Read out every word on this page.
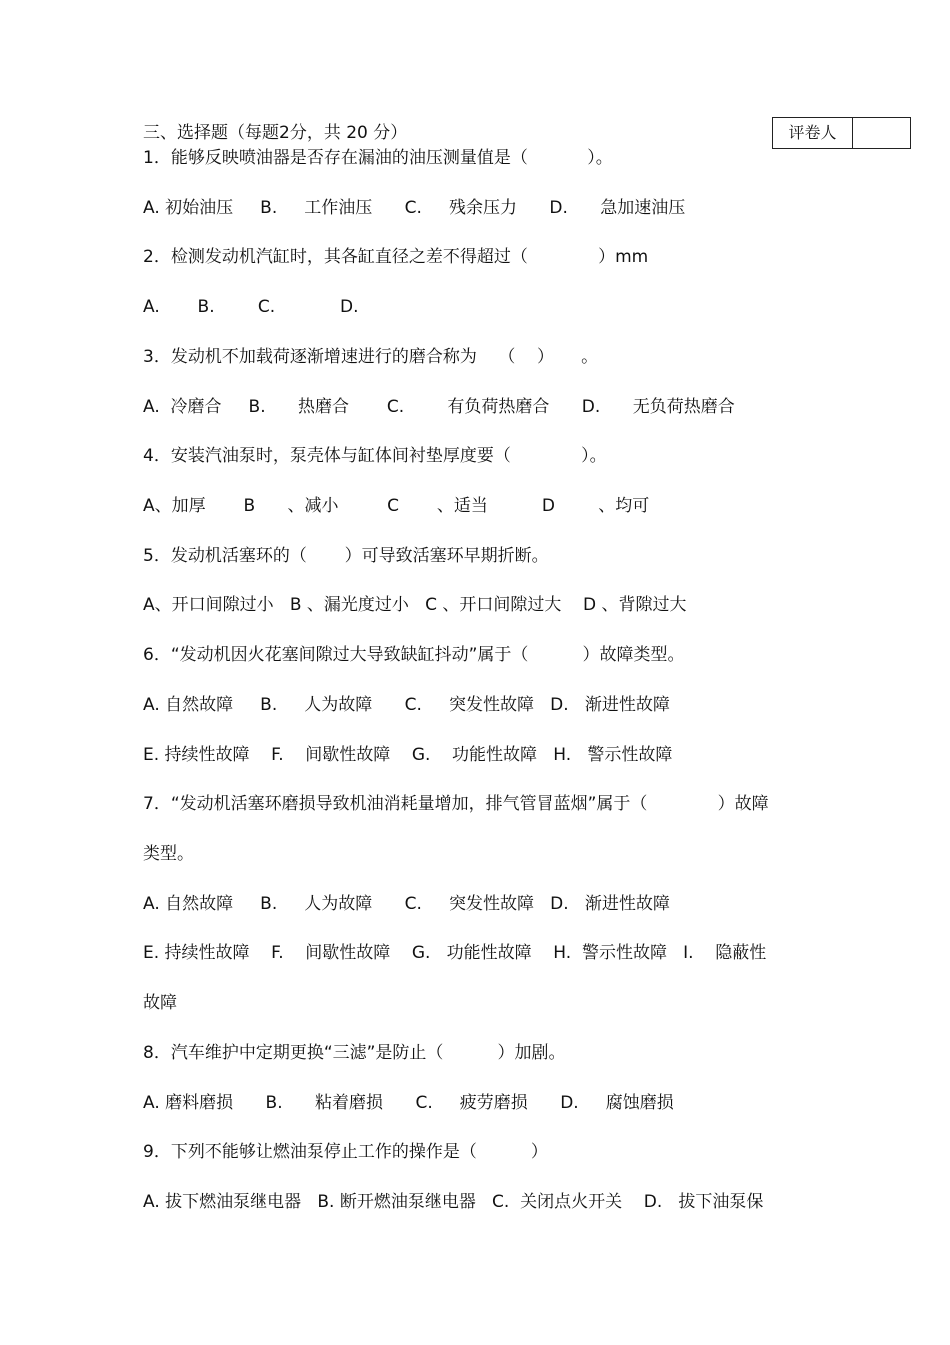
评卷人
三、选择题（每题2分，共 20 分）
1．能够反映喷油器是否存在漏油的油压测量值是（           ）。
A. 初始油压     B.     工作油压      C.     残余压力      D.      急加速油压
2．检测发动机汽缸时，其各缸直径之差不得超过（             ）mm
A.       B.        C.            D.
3．发动机不加载荷逐渐增速进行的磨合称为    （    ）     。
A.  冷磨合     B.      热磨合       C.        有负荷热磨合      D.      无负荷热磨合
4．安装汽油泵时，泵壳体与缸体间衬垫厚度要（             ）。
A、加厚       B      、减小         C       、适当          D        、均可
5．发动机活塞环的（       ）可导致活塞环早期折断。
A、开口间隙过小   B 、漏光度过小   C 、开口间隙过大    D 、背隙过大
6．“发动机因火花塞间隙过大导致缺缸抖动”属于（          ）故障类型。
A. 自然故障     B.     人为故障      C.     突发性故障   D.   渐进性故障
E. 持续性故障    F.    间歇性故障    G.    功能性故障   H.   警示性故障
7．“发动机活塞环磨损导致机油消耗量增加，排气管冒蓝烟”属于（             ）故障
类型。
A. 自然故障     B.     人为故障      C.     突发性故障   D.   渐进性故障
E. 持续性故障    F.    间歇性故障    G.   功能性故障    H.  警示性故障   I.    隐蔽性
故障
8．汽车维护中定期更换“三滤”是防止（          ）加剧。
A. 磨料磨损      B.      粘着磨损      C.     疲劳磨损      D.     腐蚀磨损
9．下列不能够让燃油泵停止工作的操作是（          ）
A. 拔下燃油泵继电器   B. 断开燃油泵继电器   C.  关闭点火开关    D.   拔下油泵保
